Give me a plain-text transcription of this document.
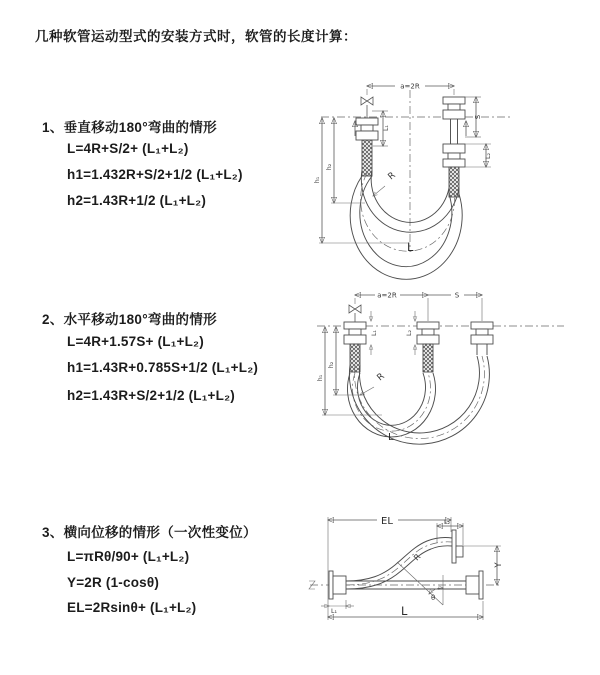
几种软管运动型式的安装方式时，软管的长度计算：
1、垂直移动180°弯曲的情形
L=4R+S/2+ (L₁+L₂)
h1=1.432R+S/2+1/2 (L₁+L₂)
h2=1.43R+1/2 (L₁+L₂)
2、水平移动180°弯曲的情形
L=4R+1.57S+ (L₁+L₂)
h1=1.43R+0.785S+1/2 (L₁+L₂)
h2=1.43R+S/2+1/2 (L₁+L₂)
3、横向位移的情形（一次性变位）
L=πRθ/90+ (L₁+L₂)
Y=2R (1-cosθ)
EL=2Rsinθ+ (L₁+L₂)
a=2R
L₁
S
L₂
h₁
h₂
R
L
a=2R	S
L₁	L₂
h₁
h₂
R
L
EL	L₂
Y
R
θ
L₁	L
